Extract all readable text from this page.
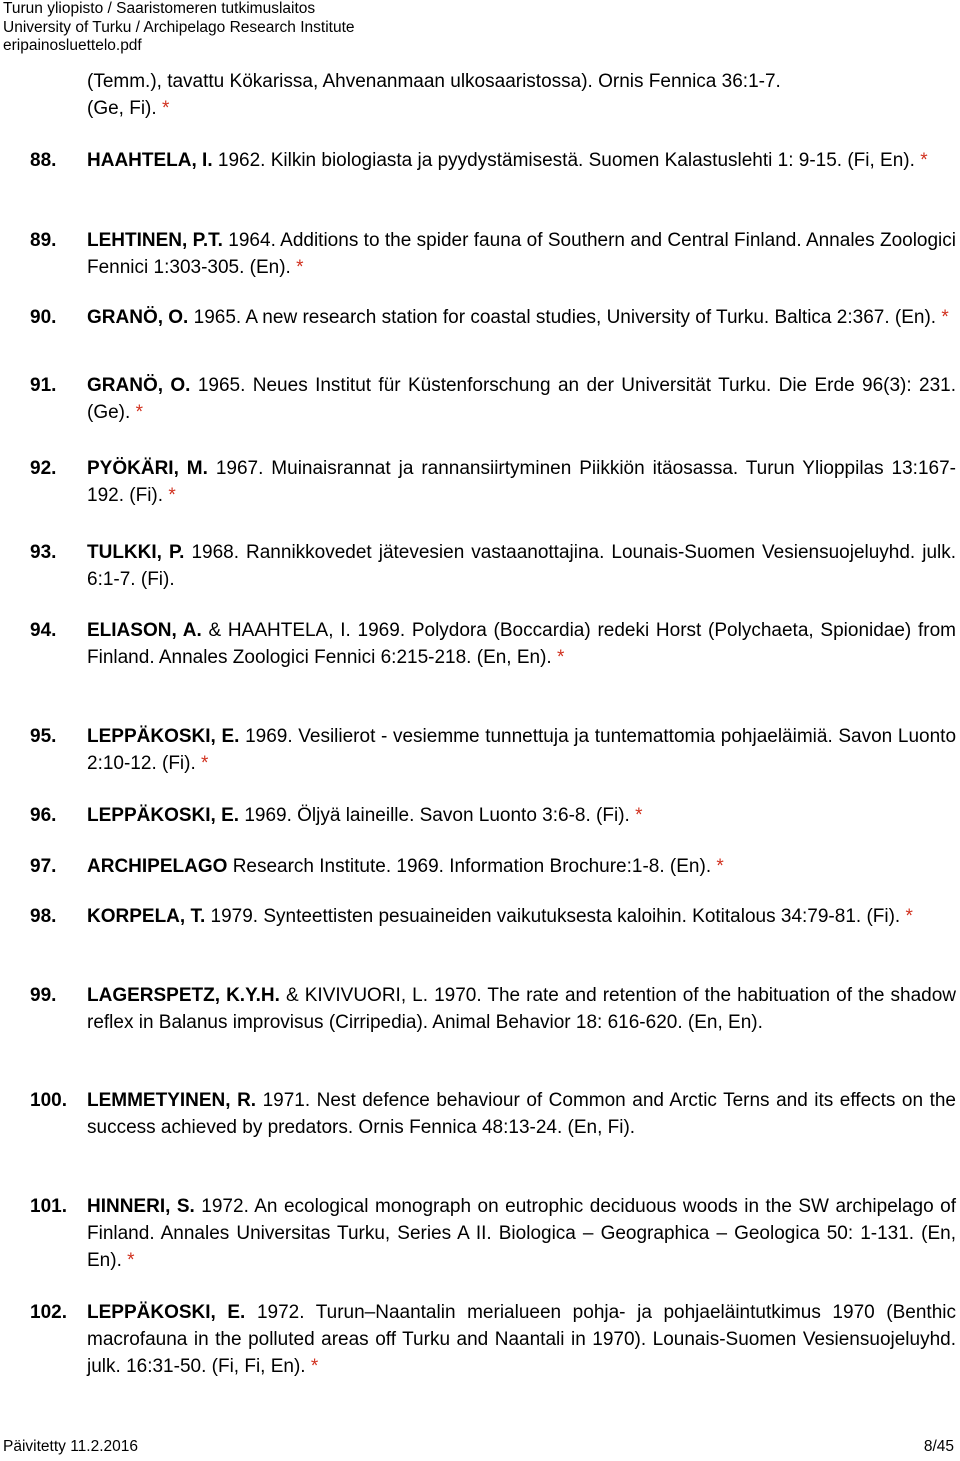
Turun yliopisto / Saaristomeren tutkimuslaitos
University of Turku / Archipelago Research Institute
eripainosluettelo.pdf
(Temm.), tavattu Kökarissa, Ahvenanmaan ulkosaaristossa). Ornis Fennica 36:1-7.
(Ge, Fi). *
88.	HAAHTELA, I. 1962. Kilkin biologiasta ja pyydystämisestä. Suomen Kalastuslehti 1: 9-15. (Fi, En). *
89.	LEHTINEN, P.T. 1964. Additions to the spider fauna of Southern and Central Finland. Annales Zoologici Fennici 1:303-305. (En). *
90.	GRANÖ, O. 1965. A new research station for coastal studies, University of Turku. Baltica 2:367. (En). *
91.	GRANÖ, O. 1965. Neues Institut für Küstenforschung an der Universität Turku. Die Erde 96(3): 231. (Ge). *
92.	PYÖKÄRI, M. 1967. Muinaisrannat ja rannansiirtyminen Piikkiön itäosassa. Turun Ylioppilas 13:167-192. (Fi). *
93.	TULKKI, P. 1968. Rannikkovedet jätevesien vastaanottajina. Lounais-Suomen Vesiensuojeluyhd. julk. 6:1-7. (Fi).
94.	ELIASON, A. & HAAHTELA, I. 1969. Polydora (Boccardia) redeki Horst (Polychaeta, Spionidae) from Finland. Annales Zoologici Fennici 6:215-218. (En, En). *
95.	LEPPÄKOSKI, E. 1969. Vesilierot - vesiemme tunnettuja ja tuntemattomia pohjaeläimiä. Savon Luonto 2:10-12. (Fi). *
96.	LEPPÄKOSKI, E. 1969. Öljyä laineille. Savon Luonto 3:6-8. (Fi). *
97.	ARCHIPELAGO Research Institute. 1969. Information Brochure:1-8. (En). *
98.	KORPELA, T. 1979. Synteettisten pesuaineiden vaikutuksesta kaloihin. Kotitalous 34:79-81. (Fi). *
99.	LAGERSPETZ, K.Y.H. & KIVIVUORI, L. 1970. The rate and retention of the habituation of the shadow reflex in Balanus improvisus (Cirripedia). Animal Behavior 18: 616-620. (En, En).
100.	LEMMETYINEN, R. 1971. Nest defence behaviour of Common and Arctic Terns and its effects on the success achieved by predators. Ornis Fennica 48:13-24. (En, Fi).
101.	HINNERI, S. 1972. An ecological monograph on eutrophic deciduous woods in the SW archipelago of Finland. Annales Universitas Turku, Series A II. Biologica – Geographica – Geologica 50: 1-131. (En, En). *
102.	LEPPÄKOSKI, E. 1972. Turun–Naantalin merialueen pohja- ja pohjaeläintutkimus 1970 (Benthic macrofauna in the polluted areas off Turku and Naantali in 1970). Lounais-Suomen Vesiensuojeluyhd. julk. 16:31-50. (Fi, Fi, En). *
Päivitetty 11.2.2016	8/45
